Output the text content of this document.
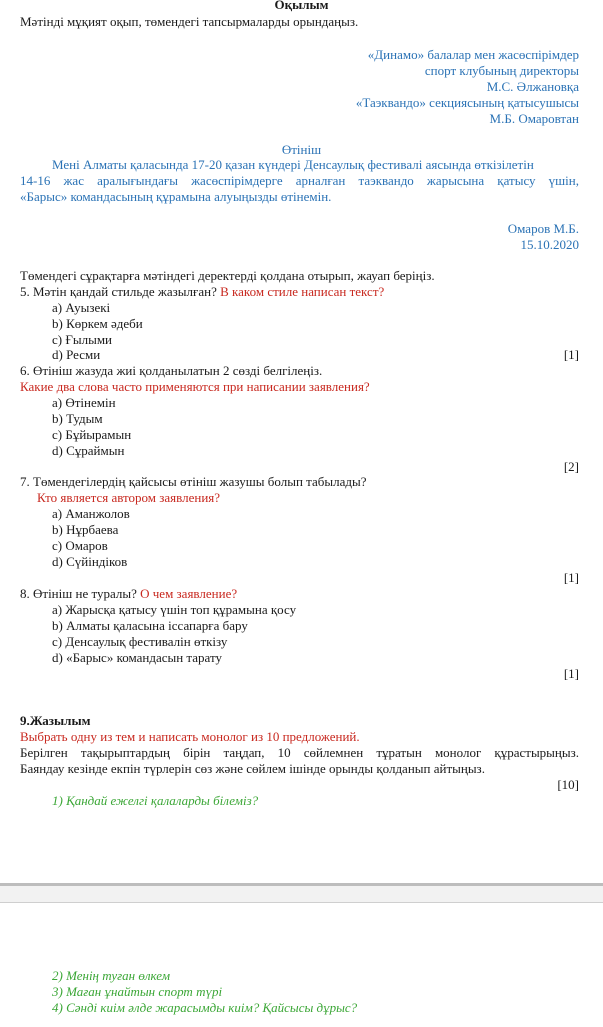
Оқылым
Мәтінді мұқият оқып, төмендегі тапсырмаларды орындаңыз.
«Динамо» балалар мен жасөспірімдер
спорт клубының директоры
М.С. Әлжановқа
«Таэквандо» секциясының қатысушысы
М.Б. Омаровтан
Өтініш
Мені Алматы қаласында 17-20 қазан күндері Денсаулық фестивалі аясында өткізілетін
14-16 жас аралығындағы жасөспірімдерге арналған таэквандо жарысына қатысу үшін,
«Барыс» командасының құрамына алуыңызды өтінемін.
Омаров М.Б.
15.10.2020
Төмендегі сұрақтарға мәтіндегі деректерді қолдана отырып, жауап беріңіз.
5. Мәтін қандай стильде жазылған? В каком стиле написан текст?
a) Ауызекі
b) Көркем әдеби
c) Ғылыми
d) Ресми	[1]
6. Өтініш жазуда жиі қолданылатын 2 сөзді белгілеңіз.
Какие два слова часто применяются при написании заявления?
a) Өтінемін
b) Тудым
c) Бұйырамын
d) Сұраймын
[2]
7. Төмендегілердің қайсысы өтініш жазушы болып табылады?
Кто является автором заявления?
a) Аманжолов
b) Нұрбаева
c) Омаров
d) Сүйіндіков
[1]
8. Өтініш не туралы? О чем заявление?
a) Жарысқа қатысу үшін топ құрамына қосу
b) Алматы қаласына іссапарға бару
c) Денсаулық фестивалін өткізу
d) «Барыс» командасын тарату
[1]
9.Жазылым
Выбрать одну из тем и написать монолог из 10 предложений.
Берілген тақырыптардың бірін таңдап, 10 сөйлемнен тұратын монолог құрастырыңыз.
Баяндау кезінде екпін түрлерін сөз және сөйлем ішінде орынды қолданып айтыңыз.
[10]
1) Қандай ежелгі қалаларды білеміз?
2) Менің туған өлкем
3) Маған ұнайтын спорт түрі
4) Сәнді киім әлде жарасымды киім? Қайсысы дұрыс?
